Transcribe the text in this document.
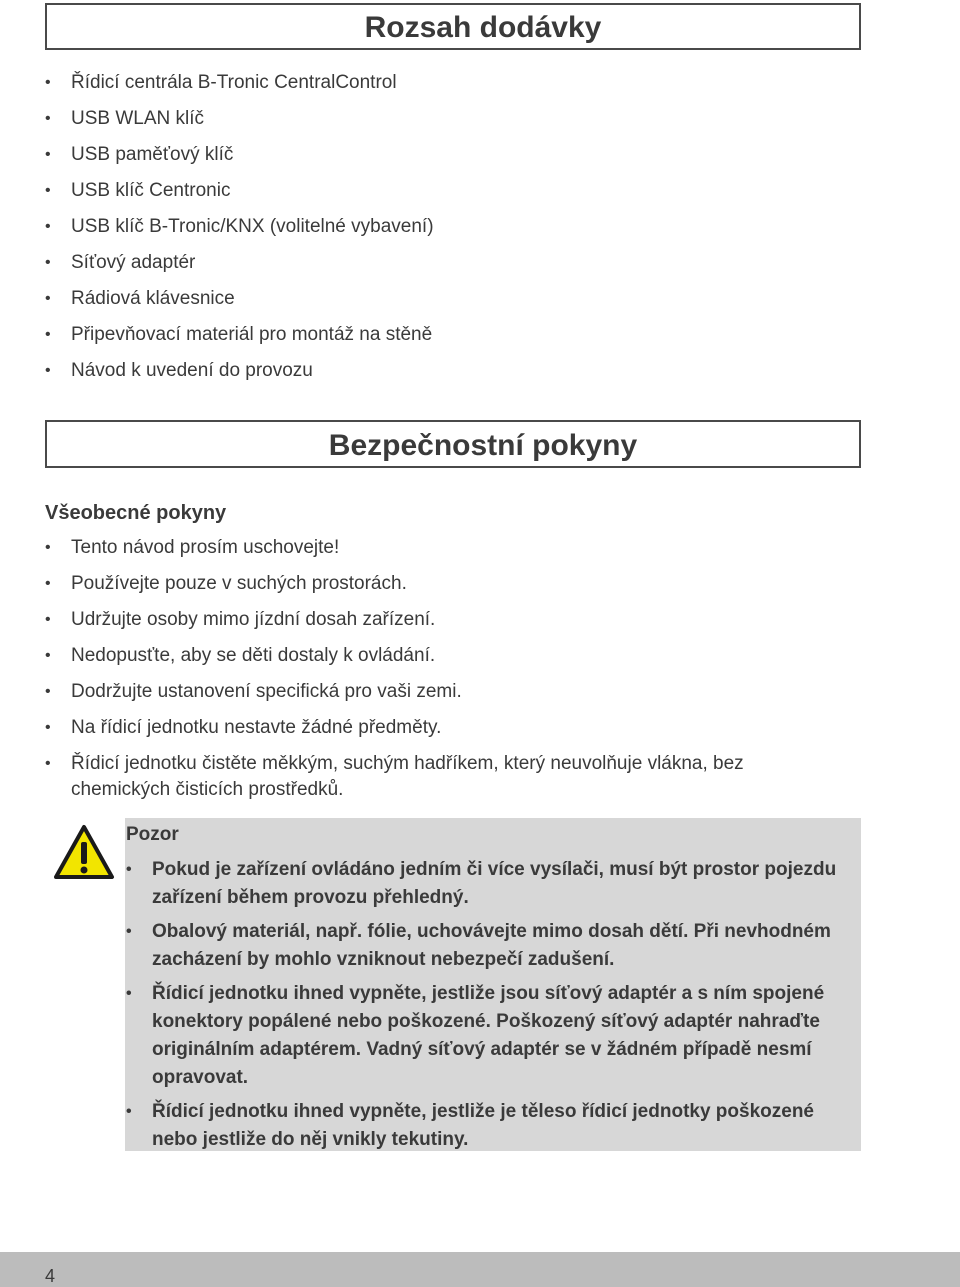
Rozsah dodávky
• Řídicí centrála B-Tronic CentralControl
• USB WLAN klíč
• USB paměťový klíč
• USB klíč Centronic
• USB klíč B-Tronic/KNX (volitelné vybavení)
• Síťový adaptér
• Rádiová klávesnice
• Připevňovací materiál pro montáž na stěně
• Návod k uvedení do provozu
Bezpečnostní pokyny
Všeobecné pokyny
• Tento návod prosím uschovejte!
• Používejte pouze v suchých prostorách.
• Udržujte osoby mimo jízdní dosah zařízení.
• Nedopusťte, aby se děti dostaly k ovládání.
• Dodržujte ustanovení specifická pro vaši zemi.
• Na řídicí jednotku nestavte žádné předměty.
• Řídicí jednotku čistěte měkkým, suchým hadříkem, který neuvolňuje vlákna, bez chemických čisticích prostředků.
Pozor
• Pokud je zařízení ovládáno jedním či více vysílači, musí být prostor pojezdu zařízení během provozu přehledný.
• Obalový materiál, např. fólie, uchovávejte mimo dosah dětí. Při nevhodném zacházení by mohlo vzniknout nebezpečí zadušení.
• Řídicí jednotku ihned vypněte, jestliže jsou síťový adaptér a s ním spojené konektory popálené nebo poškozené. Poškozený síťový adaptér nahraďte originálním adaptérem. Vadný síťový adaptér se v žádném případě nesmí opravovat.
• Řídicí jednotku ihned vypněte, jestliže je těleso řídicí jednotky poškozené nebo jestliže do něj vnikly tekutiny.
4
